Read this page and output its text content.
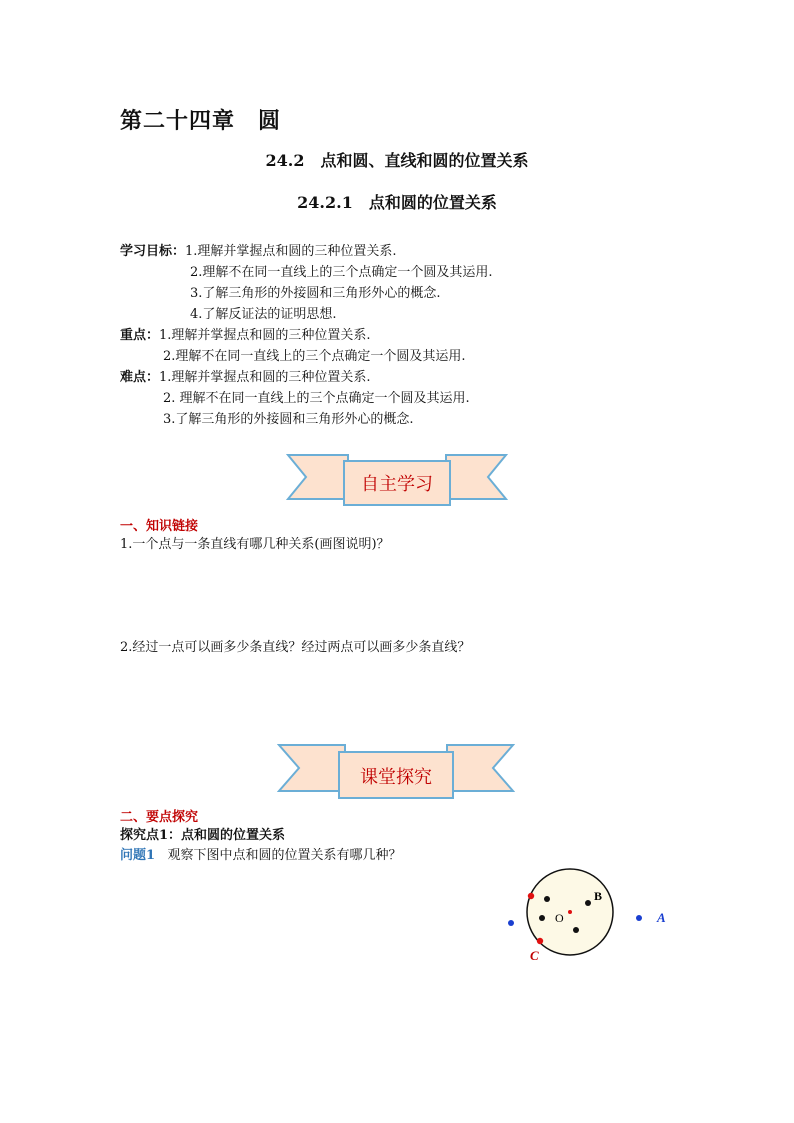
第二十四章　圆
24.2　点和圆、直线和圆的位置关系
24.2.1　点和圆的位置关系
学习目标：1.理解并掌握点和圆的三种位置关系.
2.理解不在同一直线上的三个点确定一个圆及其运用.
3.了解三角形的外接圆和三角形外心的概念.
4.了解反证法的证明思想.
重点：1.理解并掌握点和圆的三种位置关系.
2.理解不在同一直线上的三个点确定一个圆及其运用.
难点：1.理解并掌握点和圆的三种位置关系.
2. 理解不在同一直线上的三个点确定一个圆及其运用.
3.了解三角形的外接圆和三角形外心的概念.
自主学习
一、知识链接
1.一个点与一条直线有哪几种关系(画图说明)？
2.经过一点可以画多少条直线？经过两点可以画多少条直线？
课堂探究
二、要点探究
探究点1：点和圆的位置关系
问题1 观察下图中点和圆的位置关系有哪几种？
O
B
C
A
